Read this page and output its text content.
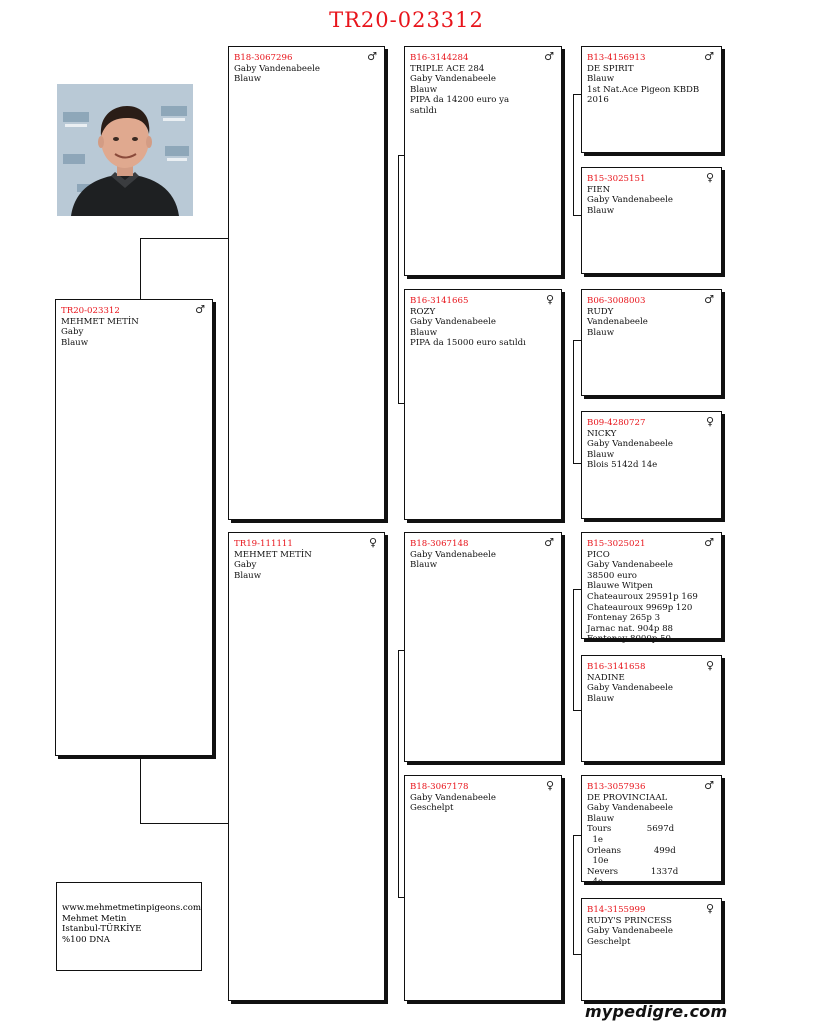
TR20-023312
TR20-023312	♂
MEHMET METİN
Gaby
Blauw
B18-3067296	♂
Gaby Vandenabeele
Blauw
TR19-111111	♀
MEHMET METİN
Gaby
Blauw
B16-3144284	♂
TRIPLE ACE 284
Gaby Vandenabeele
Blauw
PIPA da 14200 euro ya
satıldı
B16-3141665	♀
ROZY
Gaby Vandenabeele
Blauw
PIPA da 15000 euro satıldı
B18-3067148	♂
Gaby Vandenabeele
Blauw
B18-3067178	♀
Gaby Vandenabeele
Geschelpt
B13-4156913	♂
DE SPIRIT
Blauw
1st Nat.Ace Pigeon KBDB
2016
B15-3025151	♀
FIEN
Gaby Vandenabeele
Blauw
B06-3008003	♂
RUDY
Vandenabeele
Blauw
B09-4280727	♀
NICKY
Gaby Vandenabeele
Blauw
Blois 5142d 14e
B15-3025021	♂
PICO
Gaby Vandenabeele
38500 euro
Blauwe Witpen
Chateauroux 29591p 169
Chateauroux 9969p 120
Fontenay 265p 3
Jarnac nat. 904p 88
Fontenay 8000p 50
B16-3141658	♀
NADINE
Gaby Vandenabeele
Blauw
B13-3057936	♂
DE PROVINCIAAL
Gaby Vandenabeele
Blauw
Tours             5697d
1e
Orleans            499d
10e
Nevers            1337d
4e
B14-3155999	♀
RUDY'S PRINCESS
Gaby Vandenabeele
Geschelpt
www.mehmetmetinpigeons.com
Mehmet Metin
Istanbul-TÜRKİYE
%100 DNA
mypedigre.com
